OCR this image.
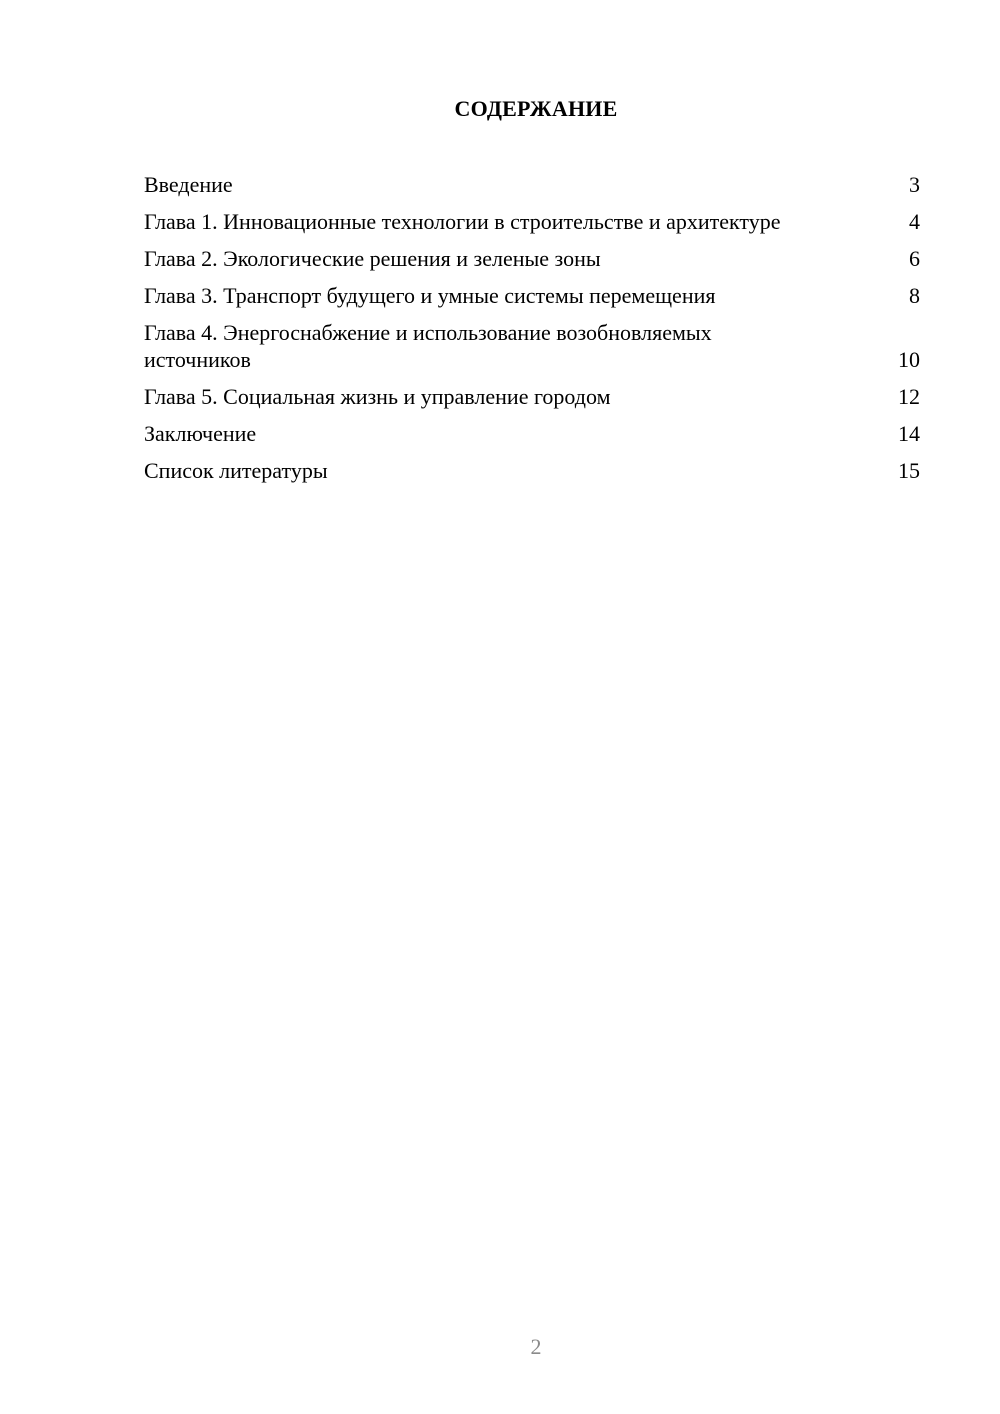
СОДЕРЖАНИЕ
Введение	3
Глава 1. Инновационные технологии в строительстве и архитектуре	4
Глава 2. Экологические решения и зеленые зоны	6
Глава 3. Транспорт будущего и умные системы перемещения	8
Глава 4. Энергоснабжение и использование возобновляемых источников	10
Глава 5. Социальная жизнь и управление городом	12
Заключение	14
Список литературы	15
2
